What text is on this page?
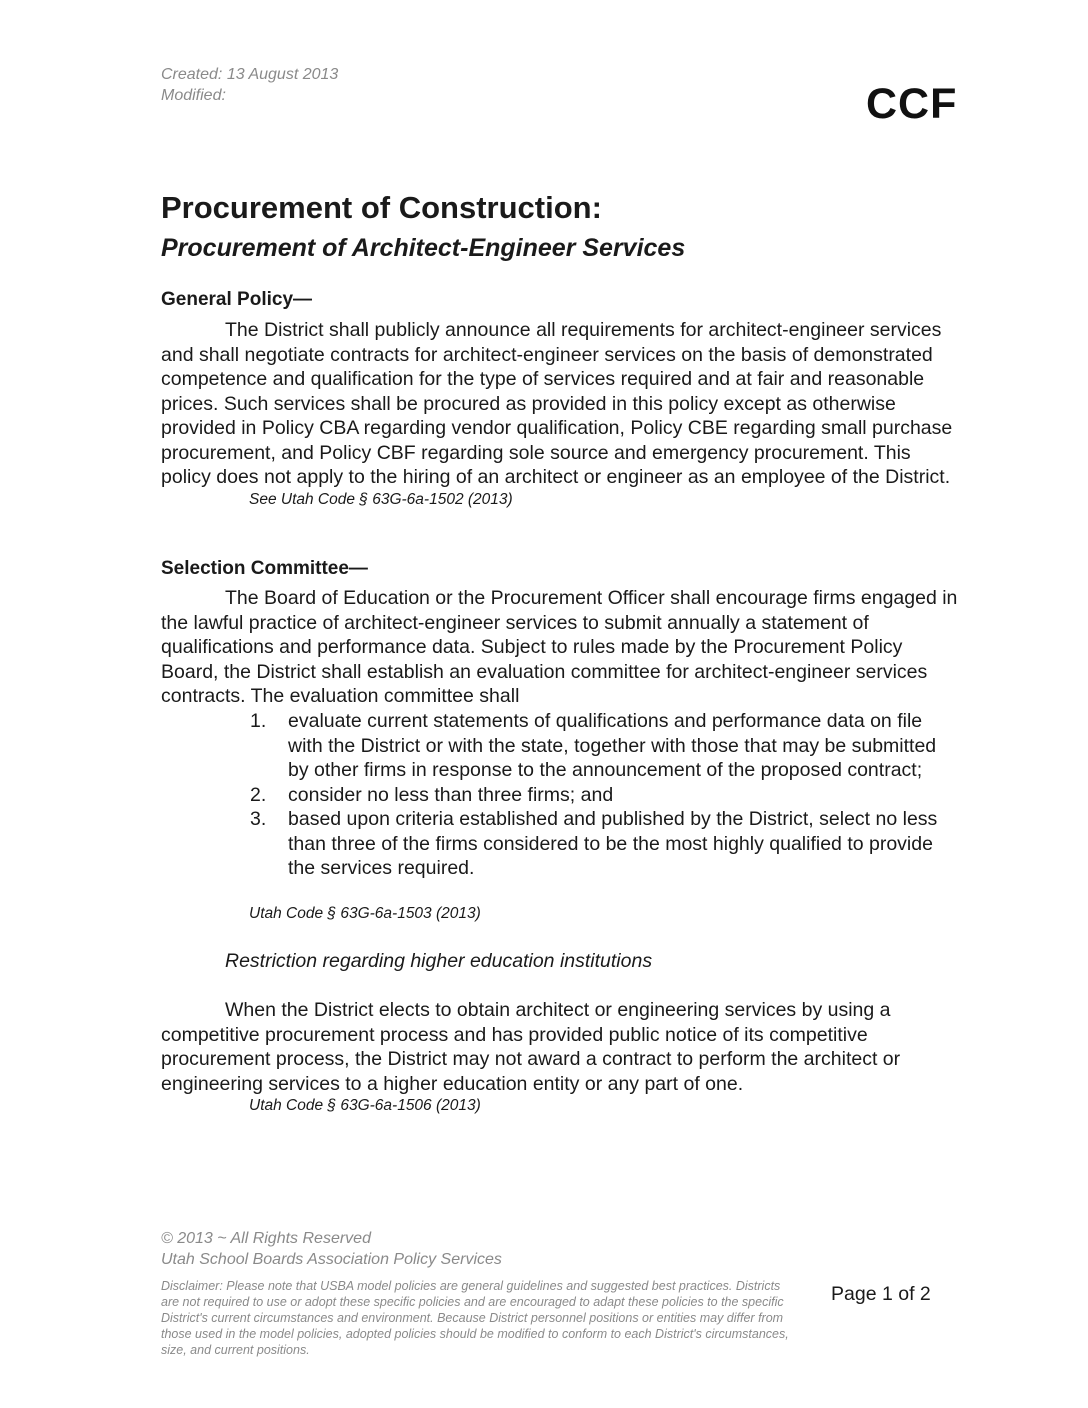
Created: 13 August 2013
Modified:	CCF
Procurement of Construction:
Procurement of Architect-Engineer Services
General Policy—

The District shall publicly announce all requirements for architect-engineer services and shall negotiate contracts for architect-engineer services on the basis of demonstrated competence and qualification for the type of services required and at fair and reasonable prices. Such services shall be procured as provided in this policy except as otherwise provided in Policy CBA regarding vendor qualification, Policy CBE regarding small purchase procurement, and Policy CBF regarding sole source and emergency procurement. This policy does not apply to the hiring of an architect or engineer as an employee of the District.

See Utah Code § 63G-6a-1502 (2013)
Selection Committee—

The Board of Education or the Procurement Officer shall encourage firms engaged in the lawful practice of architect-engineer services to submit annually a statement of qualifications and performance data. Subject to rules made by the Procurement Policy Board, the District shall establish an evaluation committee for architect-engineer services contracts. The evaluation committee shall

1.	evaluate current statements of qualifications and performance data on file with the District or with the state, together with those that may be submitted by other firms in response to the announcement of the proposed contract;
2.	consider no less than three firms; and
3.	based upon criteria established and published by the District, select no less than three of the firms considered to be the most highly qualified to provide the services required.
Utah Code § 63G-6a-1503 (2013)
Restriction regarding higher education institutions

When the District elects to obtain architect or engineering services by using a competitive procurement process and has provided public notice of its competitive procurement process, the District may not award a contract to perform the architect or engineering services to a higher education entity or any part of one.

Utah Code § 63G-6a-1506 (2013)
© 2013 ~ All Rights Reserved
Utah School Boards Association Policy Services
Disclaimer: Please note that USBA model policies are general guidelines and suggested best practices. Districts are not required to use or adopt these specific policies and are encouraged to adapt these policies to the specific District's current circumstances and environment. Because District personnel positions or entities may differ from those used in the model policies, adopted policies should be modified to conform to each District's circumstances, size, and current positions.
Page 1 of 2
